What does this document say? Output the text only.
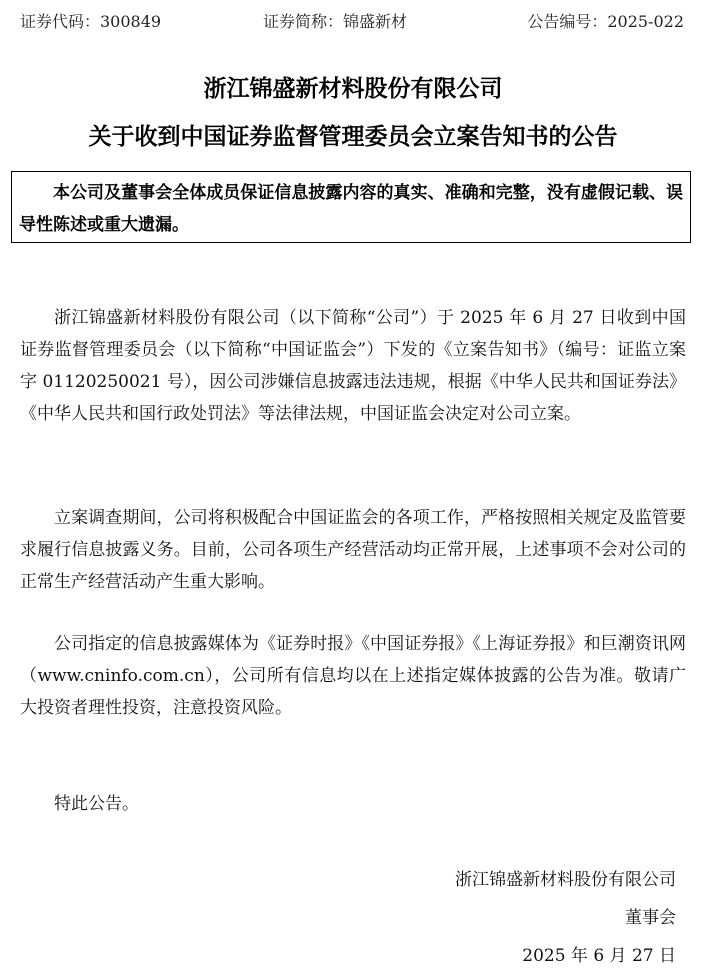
证券代码：300849	证券简称：锦盛新材	公告编号：2025-022
浙江锦盛新材料股份有限公司
关于收到中国证券监督管理委员会立案告知书的公告
本公司及董事会全体成员保证信息披露内容的真实、准确和完整，没有虚假记载、误导性陈述或重大遗漏。
浙江锦盛新材料股份有限公司（以下简称“公司”）于 2025 年 6 月 27 日收到中国证券监督管理委员会（以下简称“中国证监会”）下发的《立案告知书》（编号：证监立案字 01120250021 号），因公司涉嫌信息披露违法违规，根据《中华人民共和国证券法》《中华人民共和国行政处罚法》等法律法规，中国证监会决定对公司立案。
立案调查期间，公司将积极配合中国证监会的各项工作，严格按照相关规定及监管要求履行信息披露义务。目前，公司各项生产经营活动均正常开展，上述事项不会对公司的正常生产经营活动产生重大影响。
公司指定的信息披露媒体为《证券时报》《中国证券报》《上海证券报》和巨潮资讯网（www.cninfo.com.cn），公司所有信息均以在上述指定媒体披露的公告为准。敬请广大投资者理性投资，注意投资风险。
特此公告。
浙江锦盛新材料股份有限公司
董事会
2025 年 6 月 27 日
